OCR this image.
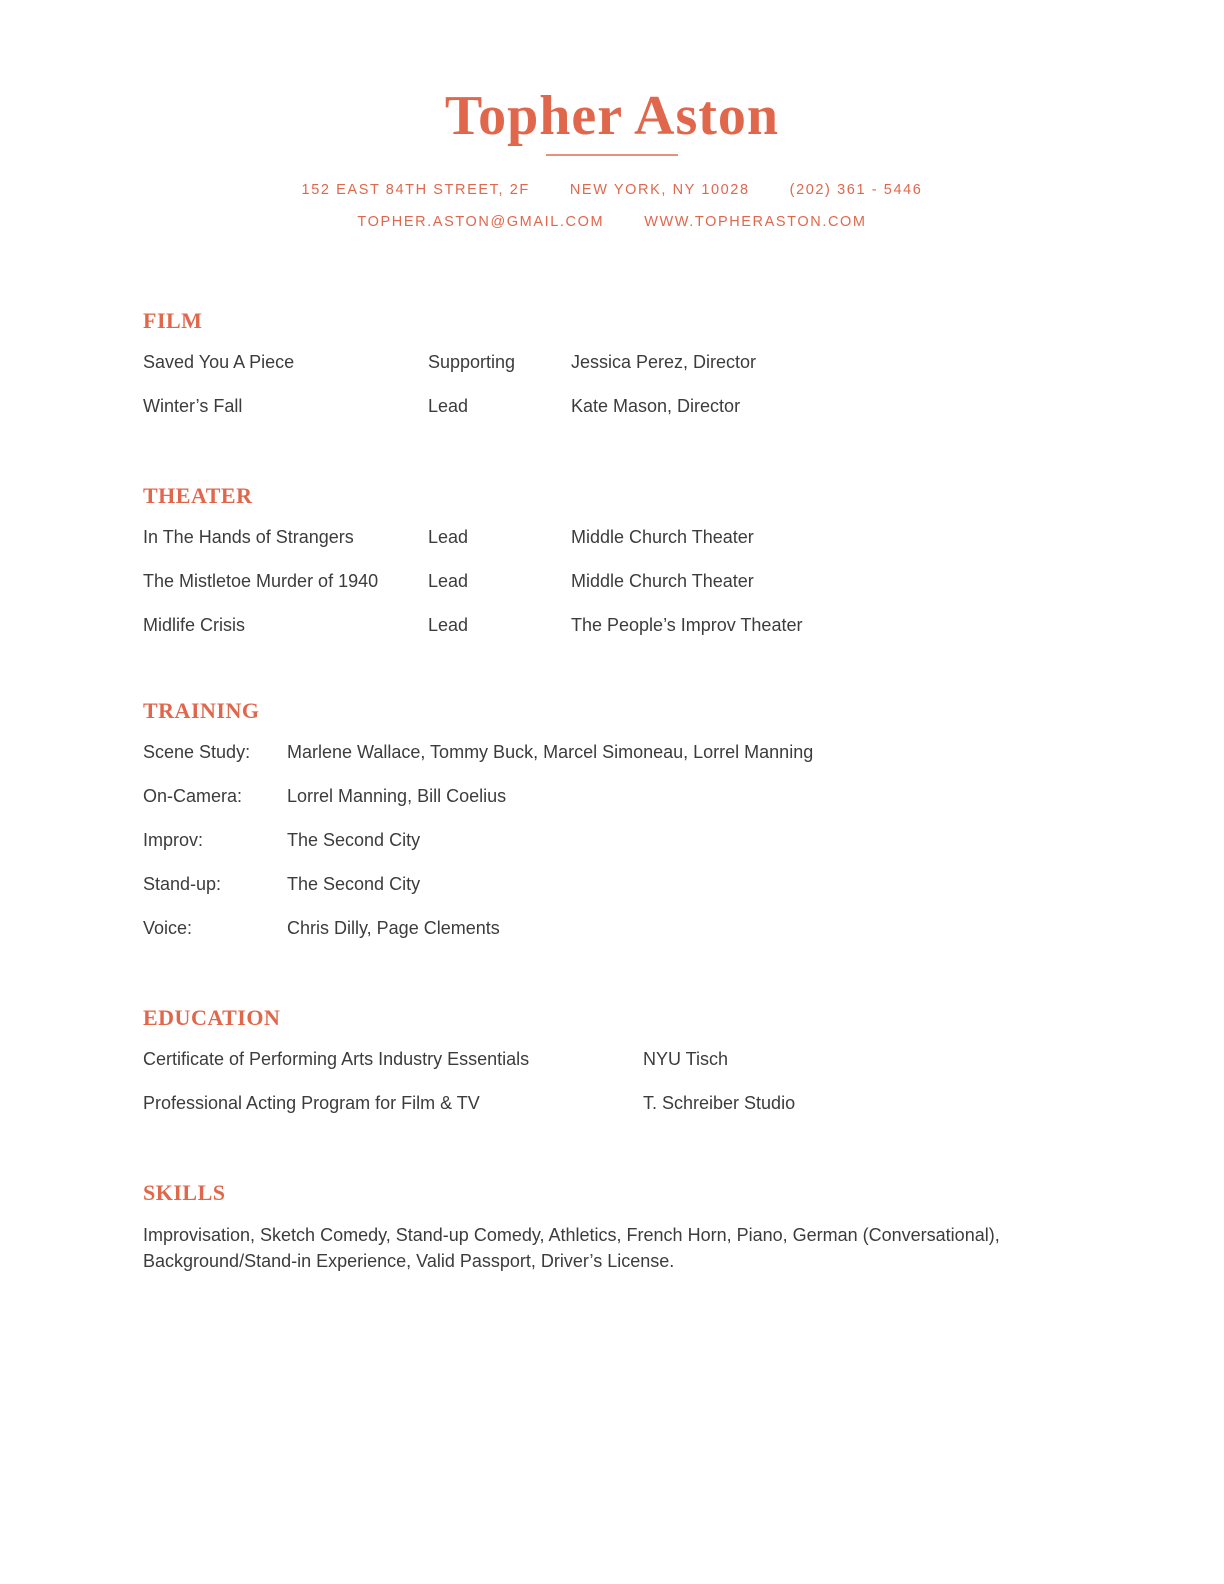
Topher Aston
152 EAST 84TH STREET, 2F	NEW YORK, NY 10028	(202) 361 - 5446
TOPHER.ASTON@GMAIL.COM	WWW.TOPHERASTON.COM
FILM
Saved You A Piece	Supporting	Jessica Perez, Director
Winter’s Fall	Lead	Kate Mason, Director
THEATER
In The Hands of Strangers	Lead	Middle Church Theater
The Mistletoe Murder of 1940	Lead	Middle Church Theater
Midlife Crisis	Lead	The People’s Improv Theater
TRAINING
Scene Study:	Marlene Wallace, Tommy Buck, Marcel Simoneau, Lorrel Manning
On-Camera:	Lorrel Manning, Bill Coelius
Improv:	The Second City
Stand-up:	The Second City
Voice:	Chris Dilly, Page Clements
EDUCATION
Certificate of Performing Arts Industry Essentials	NYU Tisch
Professional Acting Program for Film & TV	T. Schreiber Studio
SKILLS
Improvisation, Sketch Comedy, Stand-up Comedy, Athletics, French Horn, Piano, German (Conversational), Background/Stand-in Experience, Valid Passport, Driver’s License.
